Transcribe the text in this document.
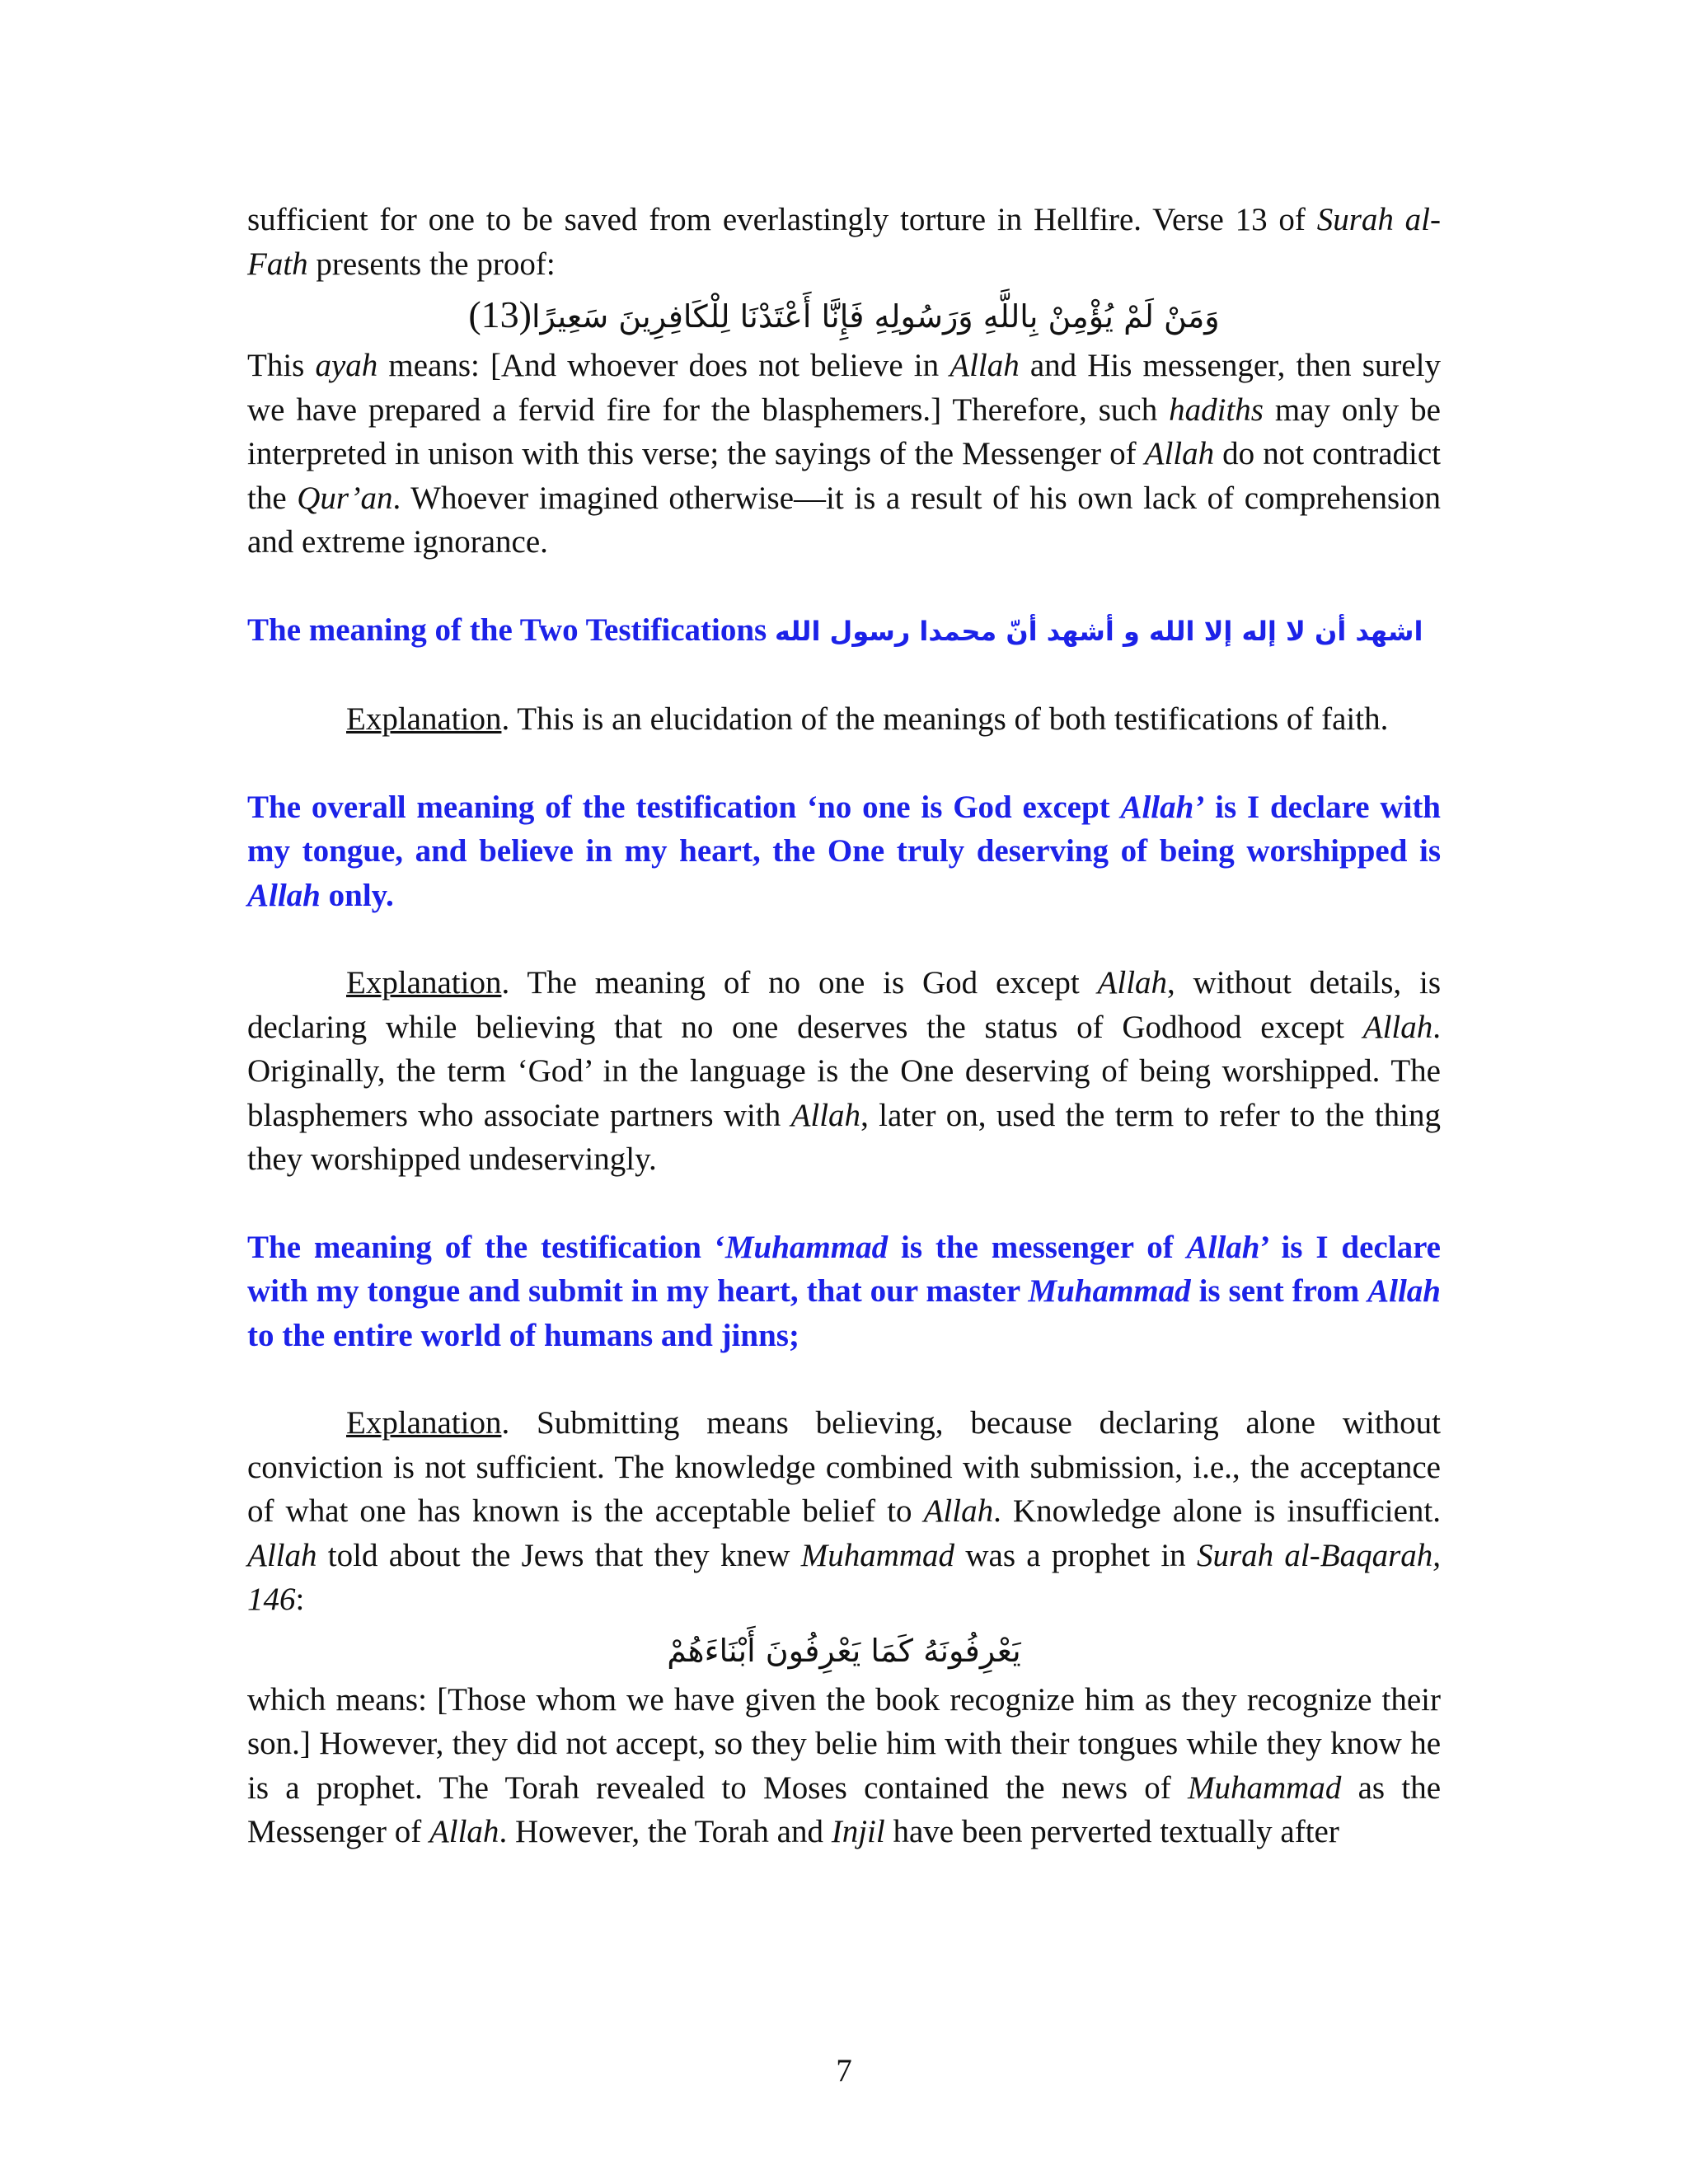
sufficient for one to be saved from everlastingly torture in Hellfire. Verse 13 of Surah al-Fath presents the proof:

وَمَنْ لَمْ يُؤْمِنْ بِاللَّهِ وَرَسُولِهِ فَإِنَّا أَعْتَدْنَا لِلْكَافِرِينَ سَعِيرًا(13)

This ayah means: [And whoever does not believe in Allah and His messenger, then surely we have prepared a fervid fire for the blasphemers.] Therefore, such hadiths may only be interpreted in unison with this verse; the sayings of the Messenger of Allah do not contradict the Qur’an. Whoever imagined otherwise—it is a result of his own lack of comprehension and extreme ignorance.

The meaning of the Two Testifications اشهد أن لا إله إلا الله و أشهد أنّ محمدا رسول الله

Explanation. This is an elucidation of the meanings of both testifications of faith.

The overall meaning of the testification ‘no one is God except Allah’ is I declare with my tongue, and believe in my heart, the One truly deserving of being worshipped is Allah only.

Explanation. The meaning of no one is God except Allah, without details, is declaring while believing that no one deserves the status of Godhood except Allah. Originally, the term ‘God’ in the language is the One deserving of being worshipped. The blasphemers who associate partners with Allah, later on, used the term to refer to the thing they worshipped undeservingly.

The meaning of the testification ‘Muhammad is the messenger of Allah’ is I declare with my tongue and submit in my heart, that our master Muhammad is sent from Allah to the entire world of humans and jinns;

Explanation. Submitting means believing, because declaring alone without conviction is not sufficient. The knowledge combined with submission, i.e., the acceptance of what one has known is the acceptable belief to Allah. Knowledge alone is insufficient. Allah told about the Jews that they knew Muhammad was a prophet in Surah al-Baqarah, 146:

يَعْرِفُونَهُ كَمَا يَعْرِفُونَ أَبْنَاءَهُمْ

which means: [Those whom we have given the book recognize him as they recognize their son.] However, they did not accept, so they belie him with their tongues while they know he is a prophet. The Torah revealed to Moses contained the news of Muhammad as the Messenger of Allah. However, the Torah and Injil have been perverted textually after

7
